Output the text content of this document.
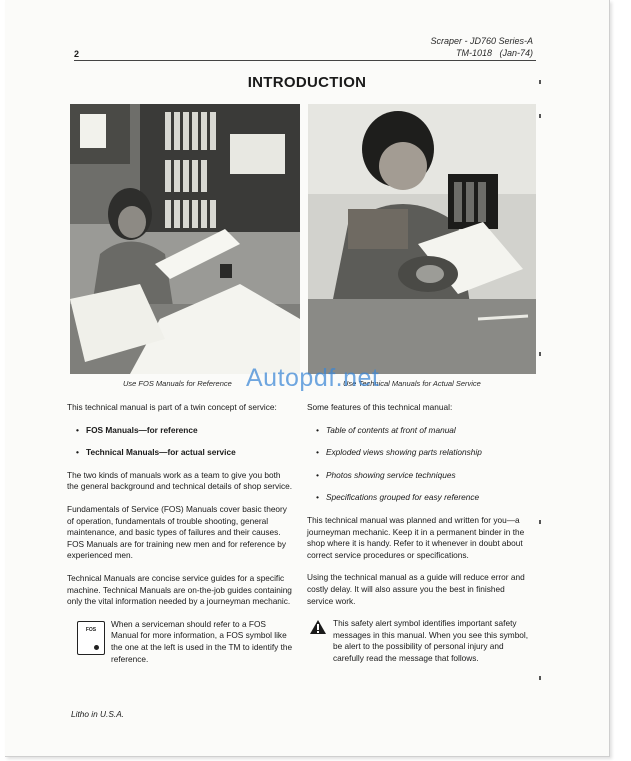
Scraper - JD760 Series-A
TM-1018   (Jan-74)
2
INTRODUCTION
Use FOS Manuals for Reference	Use Technical Manuals for Actual Service
Autopdf.net

This technical manual is part of a twin concept of service:

• FOS Manuals—for reference
• Technical Manuals—for actual service

The two kinds of manuals work as a team to give you both the general background and technical details of shop service.

Fundamentals of Service (FOS) Manuals cover basic theory of operation, fundamentals of trouble shooting, general maintenance, and basic types of failures and their causes. FOS Manuals are for training new men and for reference by experienced men.

Technical Manuals are concise service guides for a specific machine. Technical Manuals are on-the-job guides containing only the vital information needed by a journeyman mechanic.

FOS
When a serviceman should refer to a FOS Manual for more information, a FOS symbol like the one at the left is used in the TM to identify the reference.

Some features of this technical manual:

• Table of contents at front of manual
• Exploded views showing parts relationship
• Photos showing service techniques
• Specifications grouped for easy reference

This technical manual was planned and written for you—a journeyman mechanic. Keep it in a permanent binder in the shop where it is handy. Refer to it whenever in doubt about correct service procedures or specifications.

Using the technical manual as a guide will reduce error and costly delay. It will also assure you the best in finished service work.

This safety alert symbol identifies important safety messages in this manual. When you see this symbol, be alert to the possibility of personal injury and carefully read the message that follows.
Litho in U.S.A.
